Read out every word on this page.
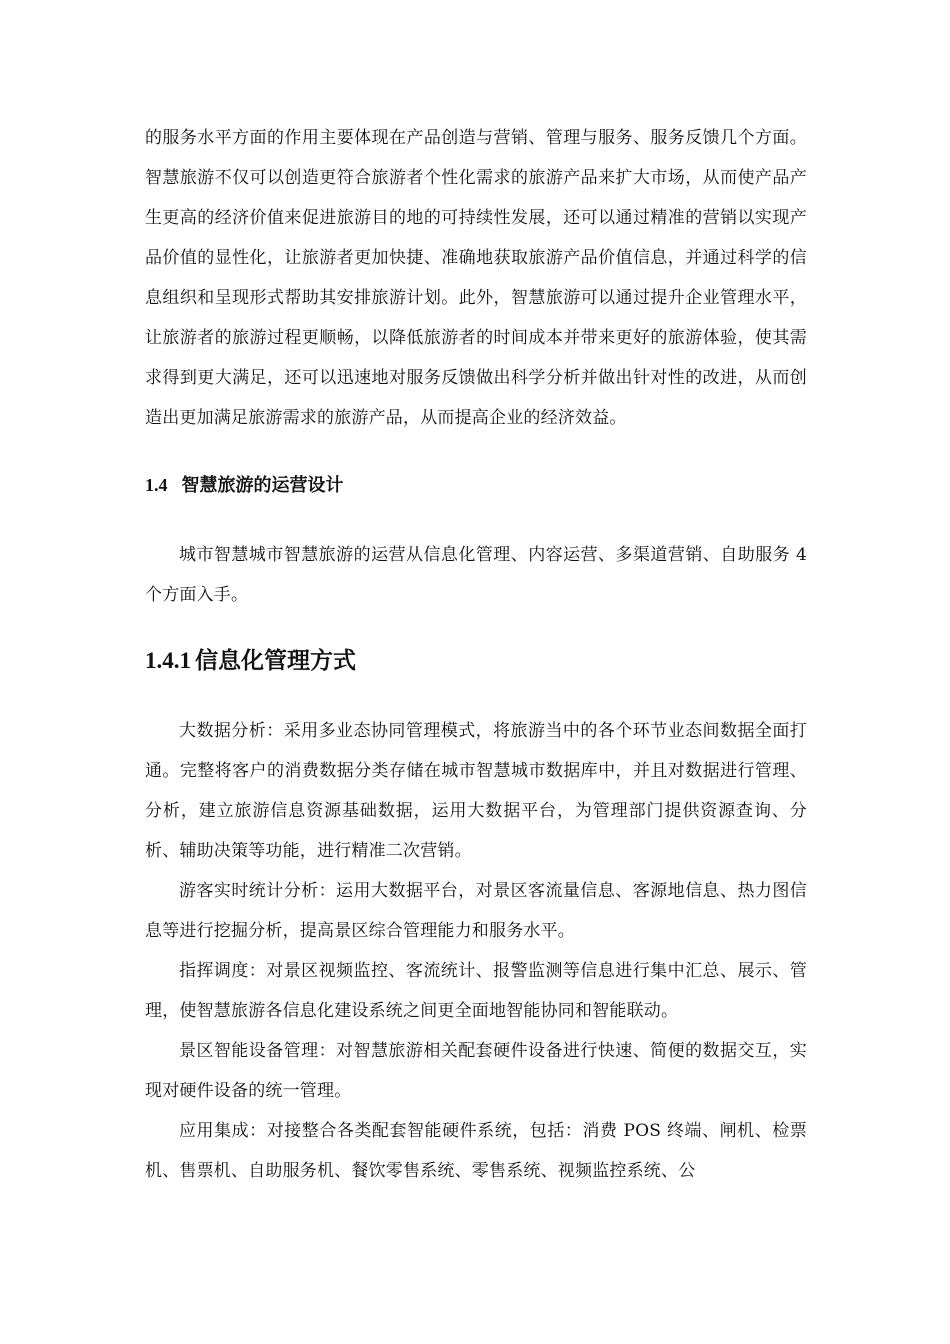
的服务水平方面的作用主要体现在产品创造与营销、管理与服务、服务反馈几个方面。智慧旅游不仅可以创造更符合旅游者个性化需求的旅游产品来扩大市场，从而使产品产生更高的经济价值来促进旅游目的地的可持续性发展，还可以通过精准的营销以实现产品价值的显性化，让旅游者更加快捷、准确地获取旅游产品价值信息，并通过科学的信息组织和呈现形式帮助其安排旅游计划。此外，智慧旅游可以通过提升企业管理水平，让旅游者的旅游过程更顺畅，以降低旅游者的时间成本并带来更好的旅游体验，使其需求得到更大满足，还可以迅速地对服务反馈做出科学分析并做出针对性的改进，从而创造出更加满足旅游需求的旅游产品，从而提高企业的经济效益。

1.4 智慧旅游的运营设计

城市智慧城市智慧旅游的运营从信息化管理、内容运营、多渠道营销、自助服务 4 个方面入手。

1.4.1 信息化管理方式

大数据分析：采用多业态协同管理模式，将旅游当中的各个环节业态间数据全面打通。完整将客户的消费数据分类存储在城市智慧城市数据库中，并且对数据进行管理、分析，建立旅游信息资源基础数据，运用大数据平台，为管理部门提供资源查询、分析、辅助决策等功能，进行精准二次营销。

游客实时统计分析：运用大数据平台，对景区客流量信息、客源地信息、热力图信息等进行挖掘分析，提高景区综合管理能力和服务水平。

指挥调度：对景区视频监控、客流统计、报警监测等信息进行集中汇总、展示、管理，使智慧旅游各信息化建设系统之间更全面地智能协同和智能联动。

景区智能设备管理：对智慧旅游相关配套硬件设备进行快速、简便的数据交互，实现对硬件设备的统一管理。

应用集成：对接整合各类配套智能硬件系统，包括：消费 POS 终端、闸机、检票机、售票机、自助服务机、餐饮零售系统、零售系统、视频监控系统、公
